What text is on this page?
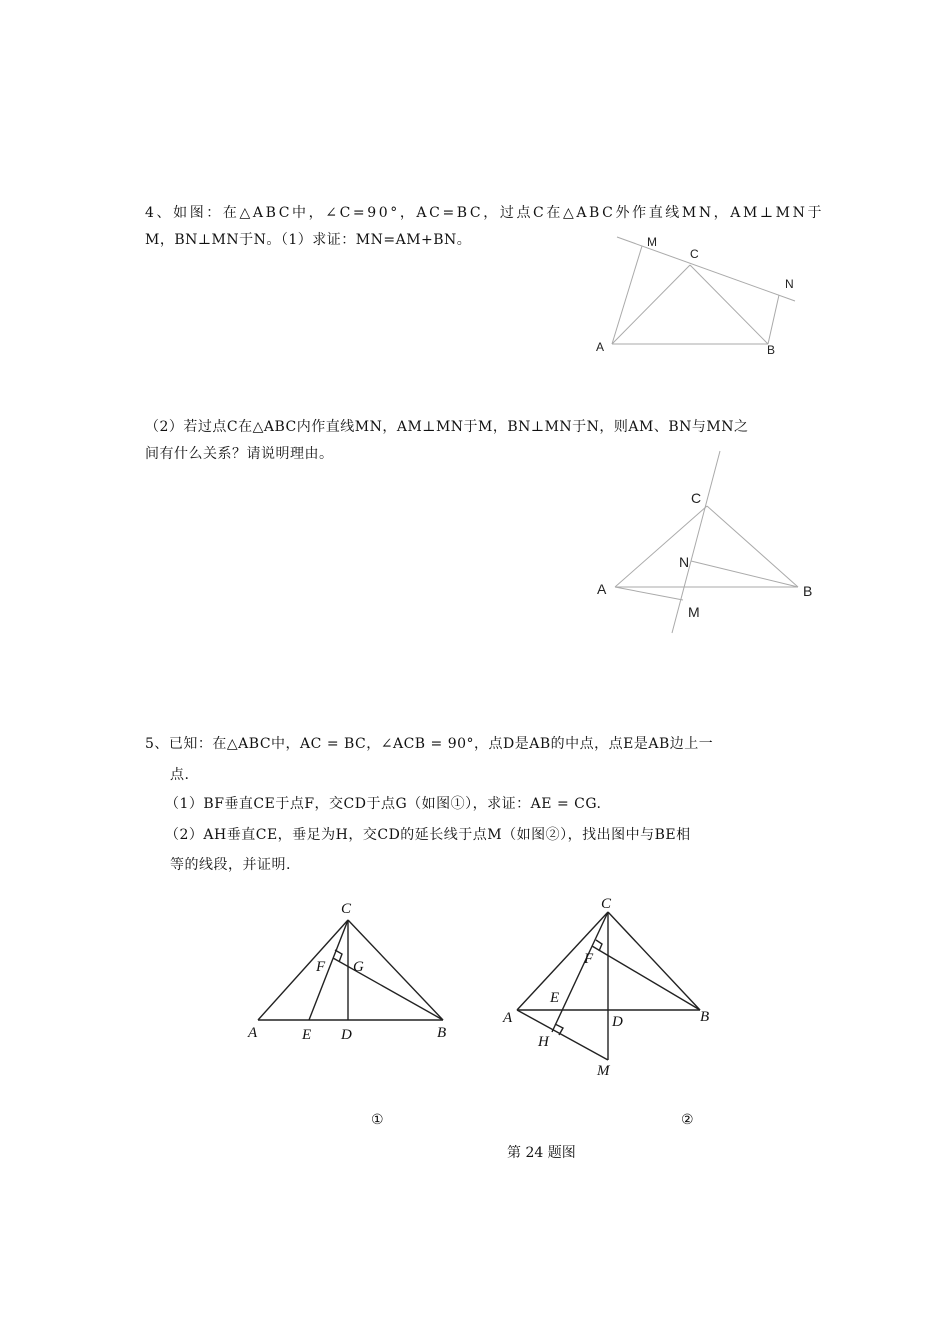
4、如图：在△ABC中，∠C=90°，AC=BC，过点C在△ABC外作直线MN，AM⊥MN于
M，BN⊥MN于N。（1）求证：MN=AM+BN。	M
C
N
A	B
（2）若过点C在△ABC内作直线MN，AM⊥MN于M，BN⊥MN于N，则AM、BN与MN之
间有什么关系？请说明理由。
C
N
A	B
M
5、已知：在△ABC中，AC = BC，∠ACB = 90°，点D是AB的中点，点E是AB边上一
点.
（1）BF垂直CE于点F，交CD于点G（如图①），求证：AE = CG.
（2）AH垂直CE，垂足为H，交CD的延长线于点M（如图②），找出图中与BE相
等的线段，并证明.
C
F G
A	E D	B
C
F
E
A	D	B
H
M
①	②
第 24 题图
